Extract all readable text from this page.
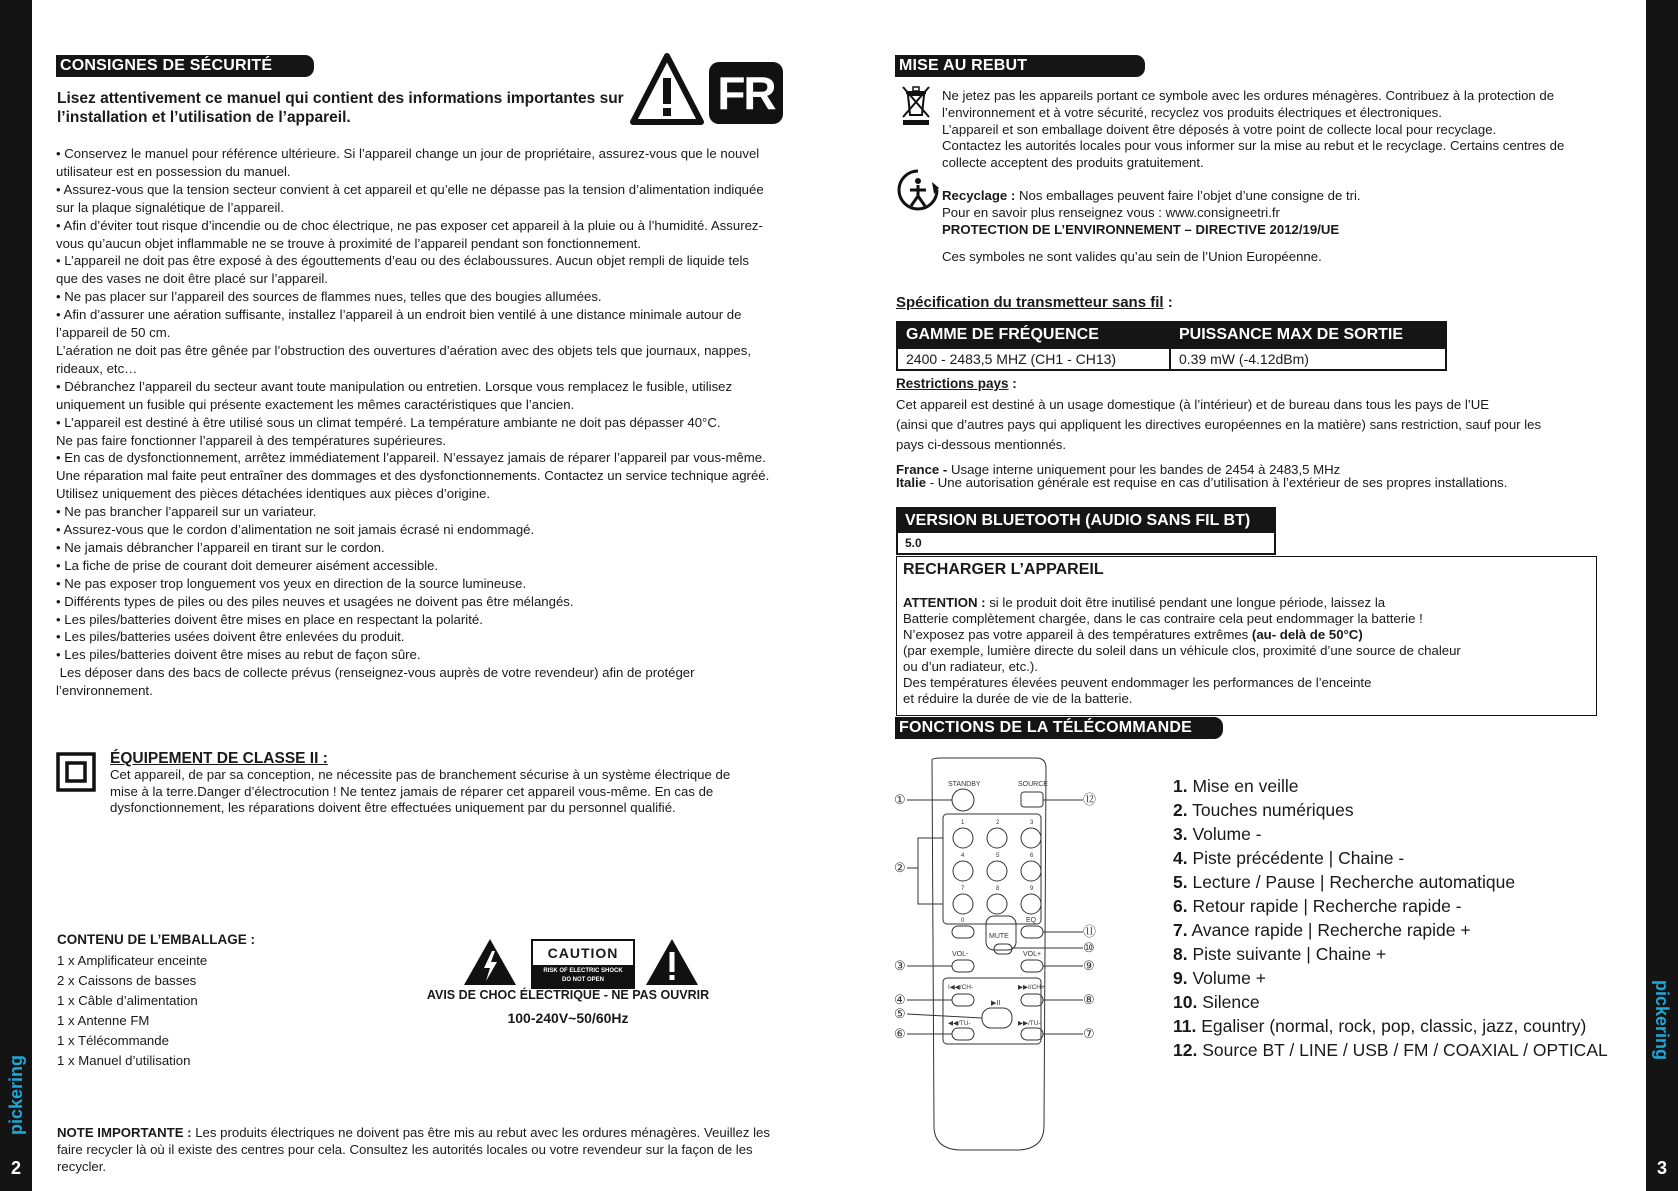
pickering
pickering
2	3
CONSIGNES DE SÉCURITÉ
Lisez attentivement ce manuel qui contient des informations importantes sur l’installation et l’utilisation de l’appareil.	FR

• Conservez le manuel pour référence ultérieure. Si l’appareil change un jour de propriétaire, assurez-vous que le nouvel

utilisateur est en possession du manuel.

• Assurez-vous que la tension secteur convient à cet appareil et qu’elle ne dépasse pas la tension d’alimentation indiquée

sur la plaque signalétique de l’appareil.

• Afin d’éviter tout risque d’incendie ou de choc électrique, ne pas exposer cet appareil à la pluie ou à l’humidité. Assurez-

vous qu’aucun objet inflammable ne se trouve à proximité de l’appareil pendant son fonctionnement.

• L’appareil ne doit pas être exposé à des égouttements d’eau ou des éclaboussures. Aucun objet rempli de liquide tels

que des vases ne doit être placé sur l’appareil.

• Ne pas placer sur l’appareil des sources de flammes nues, telles que des bougies allumées.

• Afin d’assurer une aération suffisante, installez l’appareil à un endroit bien ventilé à une distance minimale autour de

l’appareil de 50 cm.

L’aération ne doit pas être gênée par l’obstruction des ouvertures d’aération avec des objets tels que journaux, nappes,

rideaux, etc…

• Débranchez l’appareil du secteur avant toute manipulation ou entretien. Lorsque vous remplacez le fusible, utilisez

uniquement un fusible qui présente exactement les mêmes caractéristiques que l’ancien.

• L’appareil est destiné à être utilisé sous un climat tempéré. La température ambiante ne doit pas dépasser 40°C.

Ne pas faire fonctionner l’appareil à des températures supérieures.

• En cas de dysfonctionnement, arrêtez immédiatement l’appareil. N’essayez jamais de réparer l’appareil par vous-même.

Une réparation mal faite peut entraîner des dommages et des dysfonctionnements. Contactez un service technique agréé.

Utilisez uniquement des pièces détachées identiques aux pièces d’origine.

• Ne pas brancher l’appareil sur un variateur.

• Assurez-vous que le cordon d’alimentation ne soit jamais écrasé ni endommagé.

• Ne jamais débrancher l’appareil en tirant sur le cordon.

• La fiche de prise de courant doit demeurer aisément accessible.

• Ne pas exposer trop longuement vos yeux en direction de la source lumineuse.

• Différents types de piles ou des piles neuves et usagées ne doivent pas être mélangés.

• Les piles/batteries doivent être mises en place en respectant la polarité.

• Les piles/batteries usées doivent être enlevées du produit.

• Les piles/batteries doivent être mises au rebut de façon sûre.

Les déposer dans des bacs de collecte prévus (renseignez-vous auprès de votre revendeur) afin de protéger

l’environnement.

ÉQUIPEMENT DE CLASSE II :

Cet appareil, de par sa conception, ne nécessite pas de branchement sécurise à un système électrique de

mise à la terre.Danger d’électrocution ! Ne tentez jamais de réparer cet appareil vous-même. En cas de

dysfonctionnement, les réparations doivent être effectuées uniquement par du personnel qualifié.

CONTENU DE L’EMBALLAGE :

1 x Amplificateur enceinte

2 x Caissons de basses

1 x Câble d’alimentation

1 x Antenne FM

1 x Télécommande

1 x Manuel d’utilisation

CAUTION
RISK OF ELECTRIC SHOCK
DO NOT OPEN
AVIS DE CHOC ÉLECTRIQUE - NE PAS OUVRIR
100-240V~50/60Hz

NOTE IMPORTANTE : Les produits électriques ne doivent pas être mis au rebut avec les ordures ménagères. Veuillez les

faire recycler là où il existe des centres pour cela. Consultez les autorités locales ou votre revendeur sur la façon de les

recycler.

MISE AU REBUT

Ne jetez pas les appareils portant ce symbole avec les ordures ménagères. Contribuez à la protection de

l’environnement et à votre sécurité, recyclez vos produits électriques et électroniques.

L’appareil et son emballage doivent être déposés à votre point de collecte local pour recyclage.

Contactez les autorités locales pour vous informer sur la mise au rebut et le recyclage. Certains centres de

collecte acceptent des produits gratuitement.

Recyclage : Nos emballages peuvent faire l’objet d’une consigne de tri.

Pour en savoir plus renseignez vous : www.consigneetri.fr

PROTECTION DE L’ENVIRONNEMENT – DIRECTIVE 2012/19/UE

Ces symboles ne sont valides qu’au sein de l’Union Européenne.
Spécification du transmetteur sans fil :
GAMME DE FRÉQUENCE	PUISSANCE MAX DE SORTIE
2400 - 2483,5 MHZ (CH1 - CH13)	0.39 mW (-4.12dBm)
Restrictions pays :

Cet appareil est destiné à un usage domestique (à l’intérieur) et de bureau dans tous les pays de l’UE

(ainsi que d’autres pays qui appliquent les directives européennes en la matière) sans restriction, sauf pour les

pays ci-dessous mentionnés.

France - Usage interne uniquement pour les bandes de 2454 à 2483,5 MHz

Italie - Une autorisation générale est requise en cas d’utilisation à l’extérieur de ses propres installations.

VERSION BLUETOOTH (AUDIO SANS FIL BT)
5.0
RECHARGER L’APPAREIL

ATTENTION : si le produit doit être inutilisé pendant une longue période, laissez la

Batterie complètement chargée, dans le cas contraire cela peut endommager la batterie !

N’exposez pas votre appareil à des températures extrêmes (au- delà de 50°C)

(par exemple, lumière directe du soleil dans un véhicule clos, proximité d’une source de chaleur

ou d’un radiateur, etc.).

Des températures élevées peuvent endommager les performances de l’enceinte

et réduire la durée de vie de la batterie.

FONCTIONS DE LA TÉLÉCOMMANDE
STANDBY	SOURCE
1	2	3
4	5	6
7	8	9
0
MUTE
EQ
VOL-	VOL+
I◀◀/CH-	▶▶I/CH+
▶II
◀◀/TU-	▶▶/TU-
①
②
③
④
⑤
⑥	⑦
⑧
⑨
⑩
⑪
⑫
1. Mise en veille
2. Touches numériques
3. Volume -
4. Piste précédente | Chaine -
5. Lecture / Pause | Recherche automatique
6. Retour rapide | Recherche rapide -
7. Avance rapide | Recherche rapide +
8. Piste suivante | Chaine +
9. Volume +
10. Silence
11. Egaliser (normal, rock, pop, classic, jazz, country)
12. Source BT / LINE / USB / FM / COAXIAL / OPTICAL
